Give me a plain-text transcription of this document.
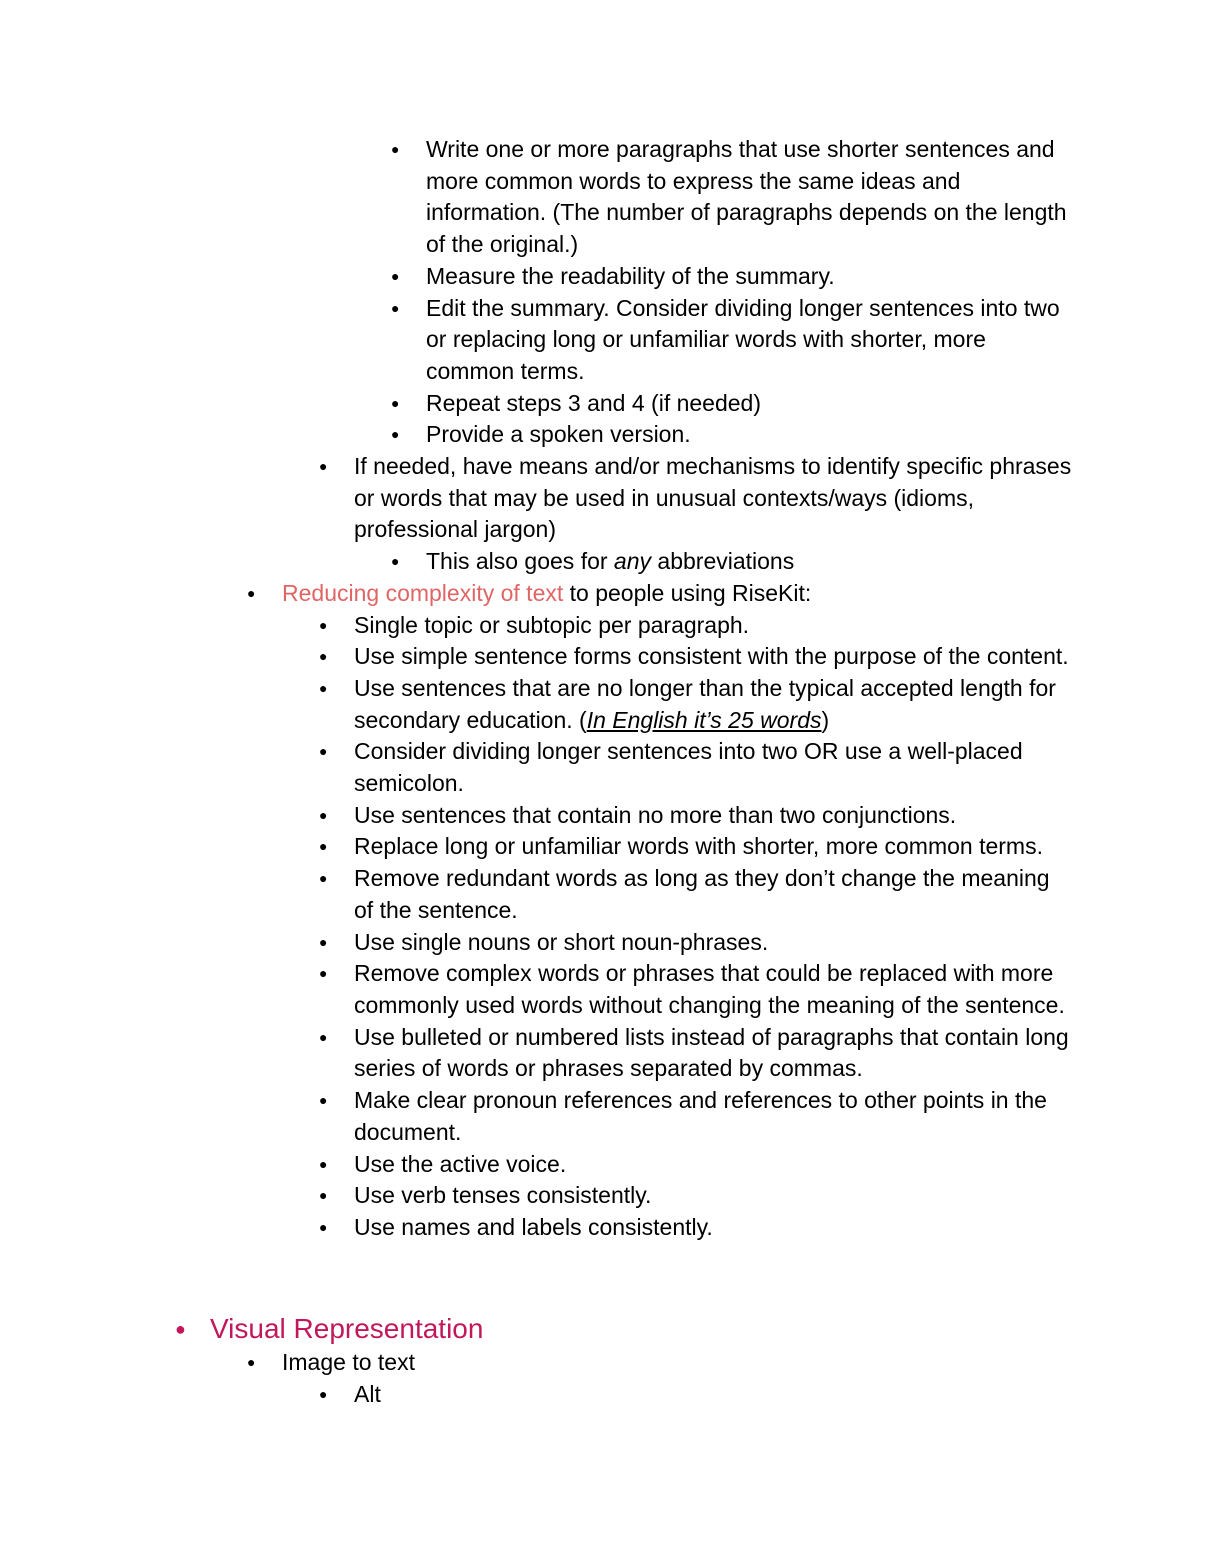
● Write one or more paragraphs that use shorter sentences and more common words to express the same ideas and information. (The number of paragraphs depends on the length of the original.)
● Measure the readability of the summary.
● Edit the summary. Consider dividing longer sentences into two or replacing long or unfamiliar words with shorter, more common terms.
● Repeat steps 3 and 4 (if needed)
● Provide a spoken version.
● If needed, have means and/or mechanisms to identify specific phrases or words that may be used in unusual contexts/ways (idioms, professional jargon)
● This also goes for any abbreviations
● Reducing complexity of text to people using RiseKit:
● Single topic or subtopic per paragraph.
● Use simple sentence forms consistent with the purpose of the content.
● Use sentences that are no longer than the typical accepted length for secondary education. (In English it’s 25 words)
● Consider dividing longer sentences into two OR use a well-placed semicolon.
● Use sentences that contain no more than two conjunctions.
● Replace long or unfamiliar words with shorter, more common terms.
● Remove redundant words as long as they don’t change the meaning of the sentence.
● Use single nouns or short noun-phrases.
● Remove complex words or phrases that could be replaced with more commonly used words without changing the meaning of the sentence.
● Use bulleted or numbered lists instead of paragraphs that contain long series of words or phrases separated by commas.
● Make clear pronoun references and references to other points in the document.
● Use the active voice.
● Use verb tenses consistently.
● Use names and labels consistently.
● Visual Representation
● Image to text
● Alt
